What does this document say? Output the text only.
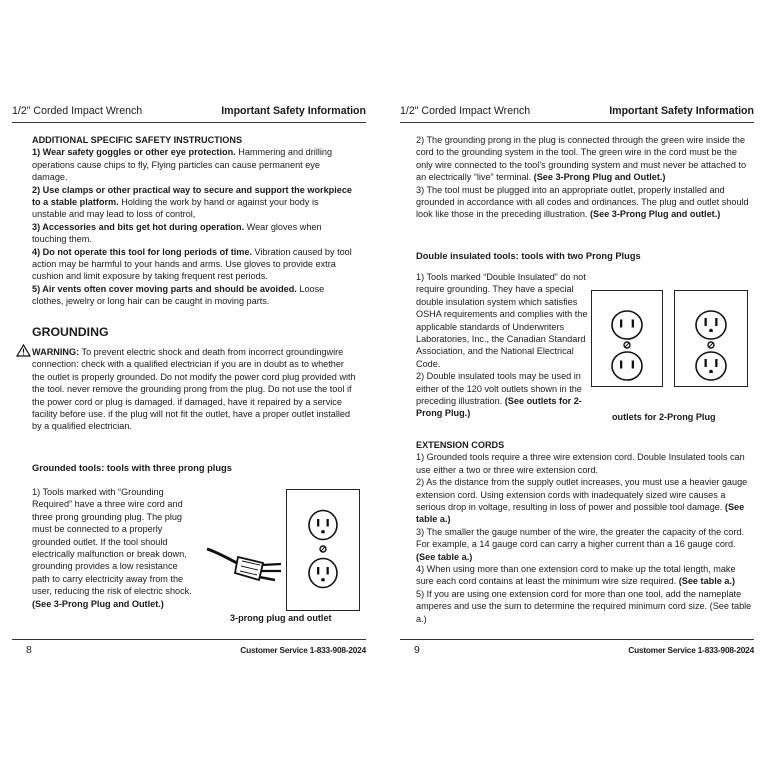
1/2" Corded Impact Wrench	Important Safety Information

ADDITIONAL SPECIFIC SAFETY INSTRUCTIONS

1) Wear safety goggles or other eye protection. Hammering and drilling operations cause chips to fly, Flying particles can cause permanent eye damage.

2) Use clamps or other practical way to secure and support the workpiece to a stable platform. Holding the work by hand or against your body is unstable and may lead to loss of control,

3) Accessories and bits get hot during operation. Wear gloves when touching them.

4) Do not operate this tool for long periods of time. Vibration caused by tool action may be harmful to your hands and arms. Use gloves to provide extra cushion and limit exposure by taking frequent rest periods.

5) Air vents often cover moving parts and should be avoided. Loose clothes, jewelry or long hair can be caught in moving parts.

GROUNDING

WARNING: To prevent electric shock and death from incorrect groundingwire connection: check with a qualified electrician if you are in doubt as to whether the outlet is properly grounded. Do not modify the power cord plug provided with the tool. never remove the grounding prong from the plug. Do not use the tool if the power cord or plug is damaged. if damaged, have it repaired by a service facility before use. if the plug will not fit the outlet, have a proper outlet installed by a qualified electrician.

Grounded tools: tools with three prong plugs

1) Tools marked with “Grounding Required” have a three wire cord and three prong grounding plug. The plug must be connected to a properly grounded outlet. If the tool should electrically malfunction or break down, grounding provides a low resistance path to carry electricity away from the user, reducing the risk of electric shock. (See 3-Prong Plug and Outlet.)

3-prong plug and outlet
8	Customer Service 1-833-908-2024
1/2" Corded Impact Wrench	Important Safety Information

2) The grounding prong in the plug is connected through the green wire inside the cord to the grounding system in the tool. The green wire in the cord must be the only wire connected to the tool’s grounding system and must never be attached to an electrically “live” terminal. (See 3-Prong Plug and Outlet.)

3) The tool must be plugged into an appropriate outlet, properly installed and grounded in accordance with all codes and ordinances. The plug and outlet should look like those in the preceding illustration. (See 3-Prong Plug and outlet.)

Double insulated tools: tools with two Prong Plugs

1) Tools marked “Double Insulated” do not require grounding. They have a special double insulation system which satisfies OSHA requirements and complies with the applicable standards of Underwriters Laboratories, Inc., the Canadian Standard Association, and the National Electrical Code.

2) Double insulated tools may be used in either of the 120 volt outlets shown in the preceding illustration. (See outlets for 2-Prong Plug.)	outlets for 2-Prong Plug

EXTENSION CORDS

1) Grounded tools require a three wire extension cord. Double Insulated tools can use either a two or three wire extension cord.

2) As the distance from the supply outlet increases, you must use a heavier gauge extension cord. Using extension cords with inadequately sized wire causes a serious drop in voltage, resulting in loss of power and possible tool damage. (See table a.)

3) The smaller the gauge number of the wire, the greater the capacity of the cord. For example, a 14 gauge cord can carry a higher current than a 16 gauge cord. (See table a.)

4) When using more than one extension cord to make up the total length, make sure each cord contains at least the minimum wire size required. (See table a.)

5) If you are using one extension cord for more than one tool, add the nameplate amperes and use the sum to determine the required minimum cord size. (See table a.)

9	Customer Service 1-833-908-2024
